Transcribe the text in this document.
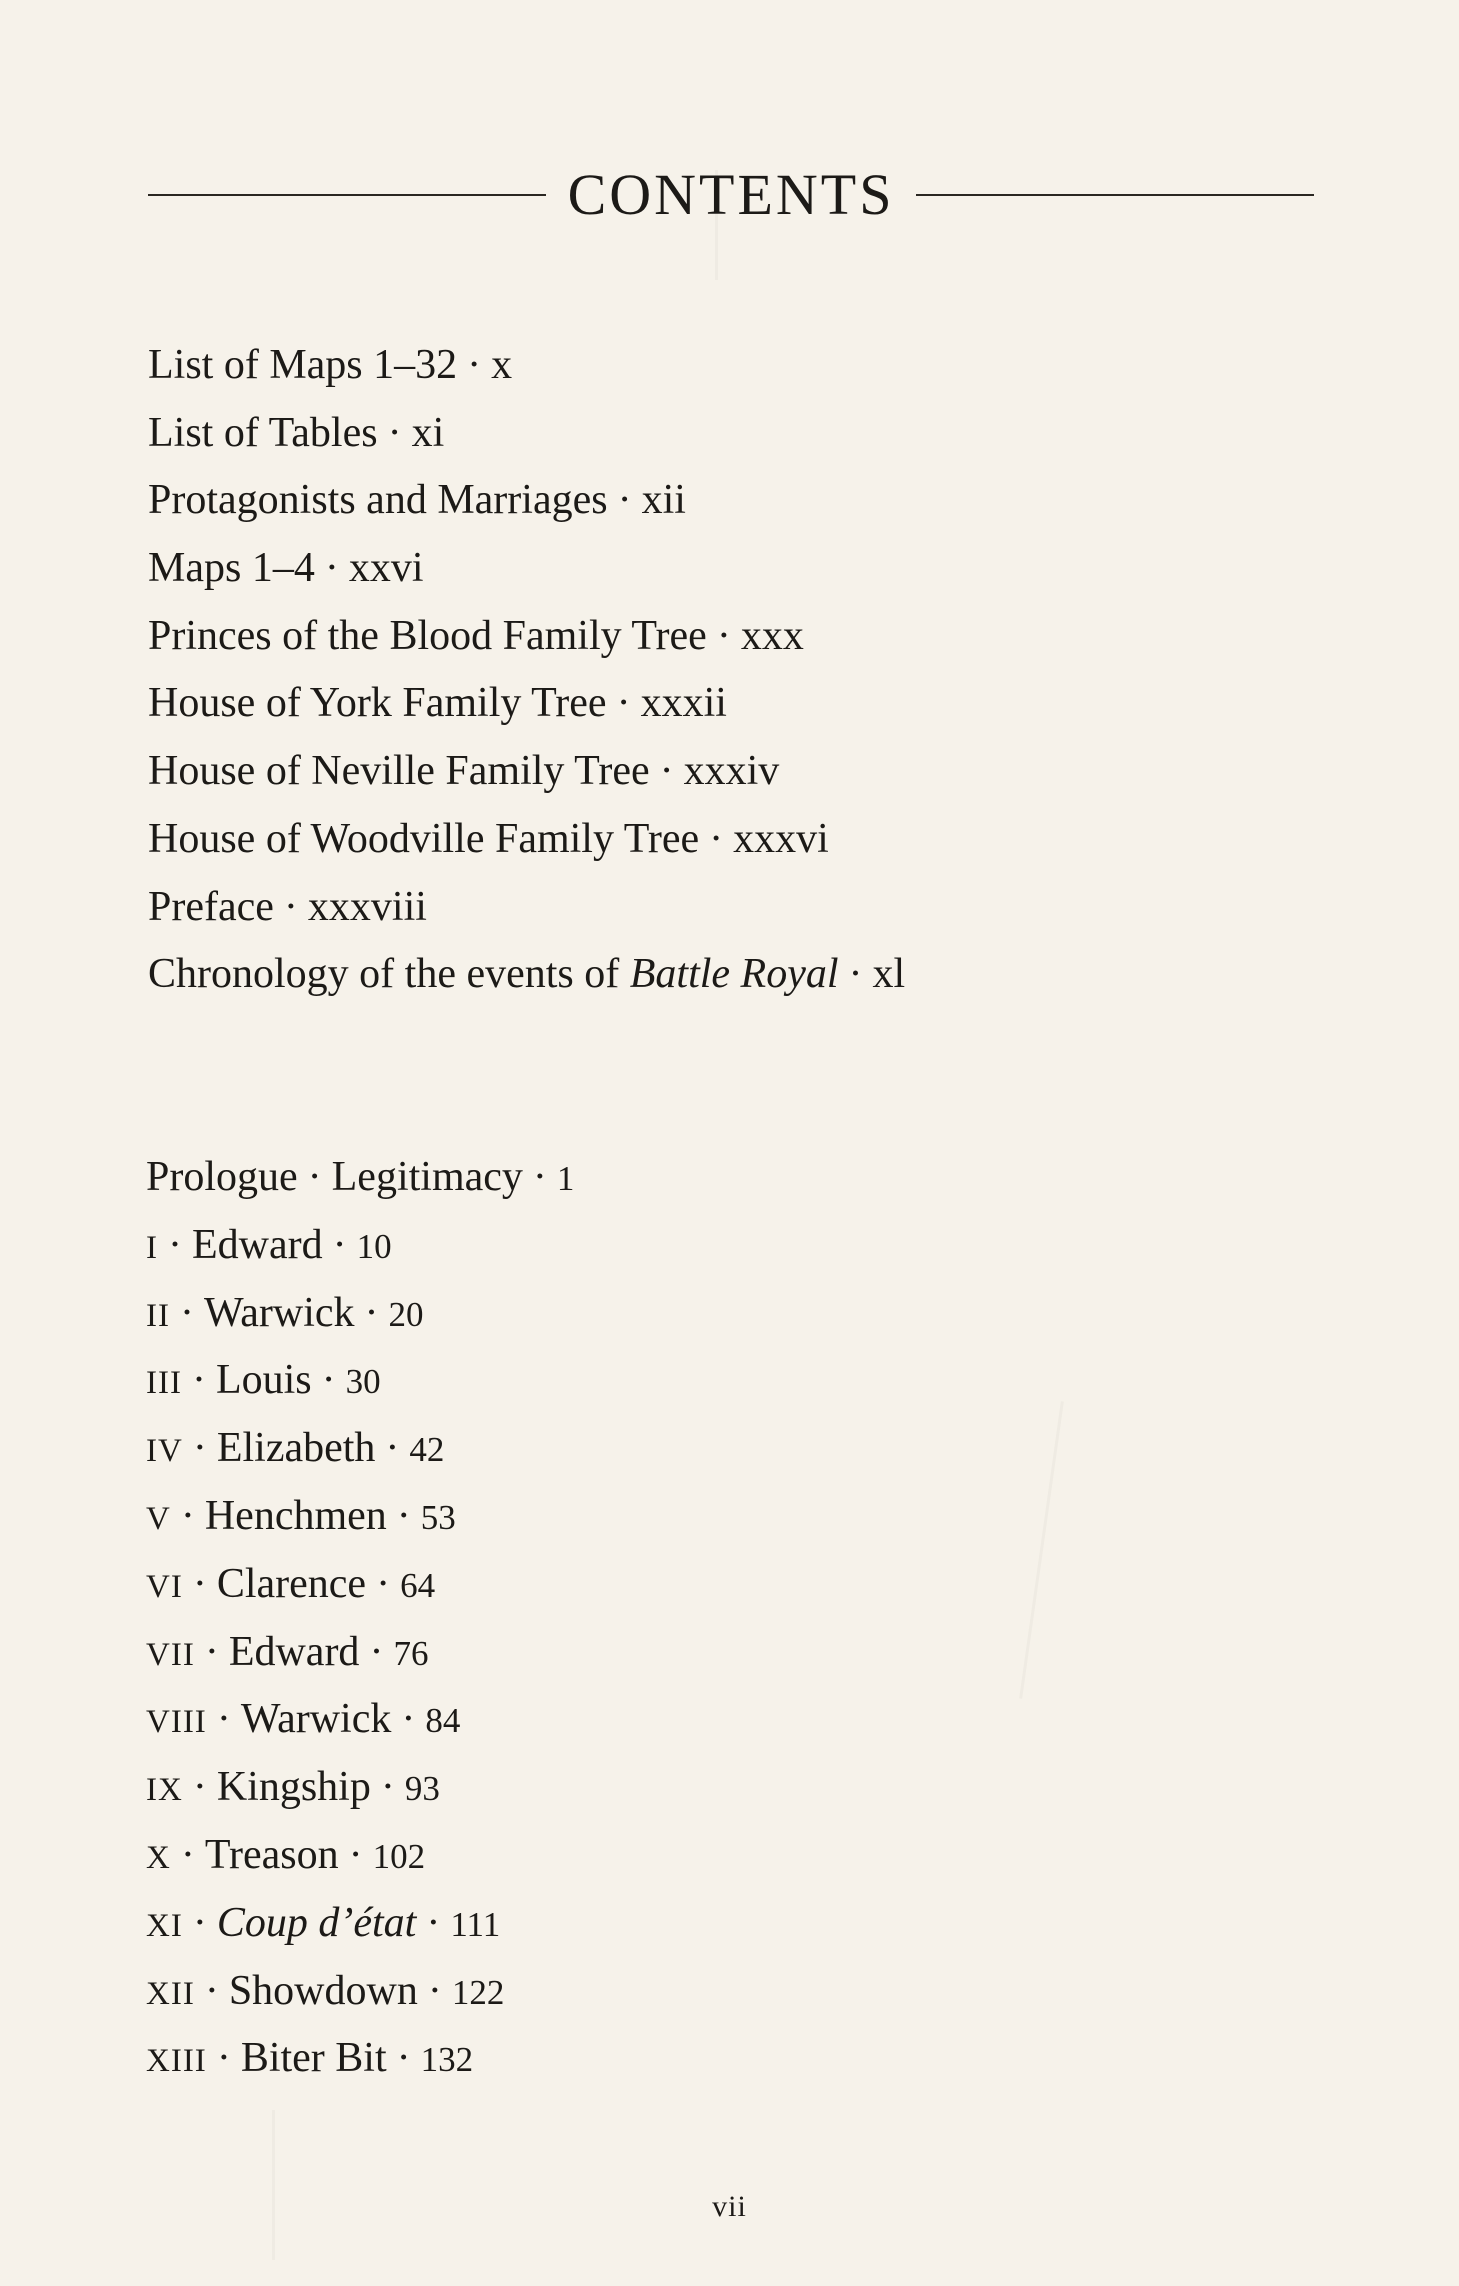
CONTENTS
List of Maps 1–32 · x
List of Tables · xi
Protagonists and Marriages · xii
Maps 1–4 · xxvi
Princes of the Blood Family Tree · xxx
House of York Family Tree · xxxii
House of Neville Family Tree · xxxiv
House of Woodville Family Tree · xxxvi
Preface · xxxviii
Chronology of the events of Battle Royal · xl
Prologue · Legitimacy · 1
I · Edward · 10
II · Warwick · 20
III · Louis · 30
IV · Elizabeth · 42
V · Henchmen · 53
VI · Clarence · 64
VII · Edward · 76
VIII · Warwick · 84
IX · Kingship · 93
X · Treason · 102
XI · Coup d’état · 111
XII · Showdown · 122
XIII · Biter Bit · 132
vii
